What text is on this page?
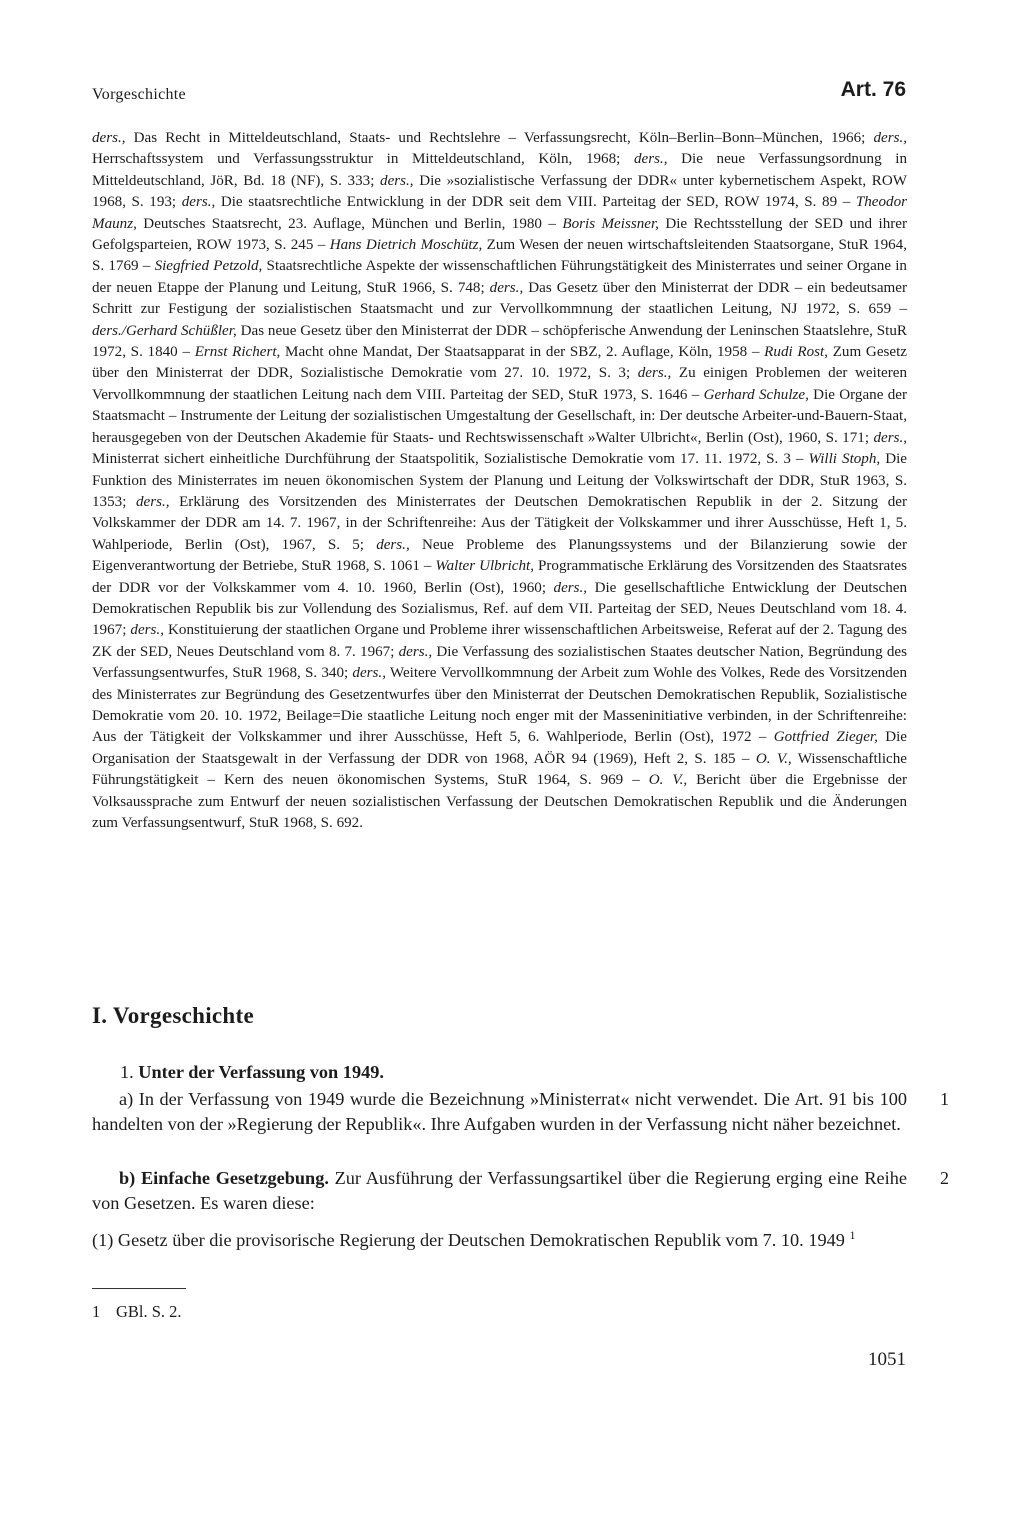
Vorgeschichte	Art. 76
ders., Das Recht in Mitteldeutschland, Staats- und Rechtslehre – Verfassungsrecht, Köln–Berlin–Bonn–München, 1966; ders., Herrschaftssystem und Verfassungsstruktur in Mitteldeutschland, Köln, 1968; ders., Die neue Verfassungsordnung in Mitteldeutschland, JöR, Bd. 18 (NF), S. 333; ders., Die »sozialistische Verfassung der DDR« unter kybernetischem Aspekt, ROW 1968, S. 193; ders., Die staatsrechtliche Entwicklung in der DDR seit dem VIII. Parteitag der SED, ROW 1974, S. 89 – Theodor Maunz, Deutsches Staatsrecht, 23. Auflage, München und Berlin, 1980 – Boris Meissner, Die Rechtsstellung der SED und ihrer Gefolgsparteien, ROW 1973, S. 245 – Hans Dietrich Moschütz, Zum Wesen der neuen wirtschaftsleitenden Staatsorgane, StuR 1964, S. 1769 – Siegfried Petzold, Staatsrechtliche Aspekte der wissenschaftlichen Führungstätigkeit des Ministerrates und seiner Organe in der neuen Etappe der Planung und Leitung, StuR 1966, S. 748; ders., Das Gesetz über den Ministerrat der DDR – ein bedeutsamer Schritt zur Festigung der sozialistischen Staatsmacht und zur Vervollkommnung der staatlichen Leitung, NJ 1972, S. 659 – ders./Gerhard Schüßler, Das neue Gesetz über den Ministerrat der DDR – schöpferische Anwendung der Leninschen Staatslehre, StuR 1972, S. 1840 – Ernst Richert, Macht ohne Mandat, Der Staatsapparat in der SBZ, 2. Auflage, Köln, 1958 – Rudi Rost, Zum Gesetz über den Ministerrat der DDR, Sozialistische Demokratie vom 27. 10. 1972, S. 3; ders., Zu einigen Problemen der weiteren Vervollkommnung der staatlichen Leitung nach dem VIII. Parteitag der SED, StuR 1973, S. 1646 – Gerhard Schulze, Die Organe der Staatsmacht – Instrumente der Leitung der sozialistischen Umgestaltung der Gesellschaft, in: Der deutsche Arbeiter-und-Bauern-Staat, herausgegeben von der Deutschen Akademie für Staats- und Rechtswissenschaft »Walter Ulbricht«, Berlin (Ost), 1960, S. 171; ders., Ministerrat sichert einheitliche Durchführung der Staatspolitik, Sozialistische Demokratie vom 17. 11. 1972, S. 3 – Willi Stoph, Die Funktion des Ministerrates im neuen ökonomischen System der Planung und Leitung der Volkswirtschaft der DDR, StuR 1963, S. 1353; ders., Erklärung des Vorsitzenden des Ministerrates der Deutschen Demokratischen Republik in der 2. Sitzung der Volkskammer der DDR am 14. 7. 1967, in der Schriftenreihe: Aus der Tätigkeit der Volkskammer und ihrer Ausschüsse, Heft 1, 5. Wahlperiode, Berlin (Ost), 1967, S. 5; ders., Neue Probleme des Planungssystems und der Bilanzierung sowie der Eigenverantwortung der Betriebe, StuR 1968, S. 1061 – Walter Ulbricht, Programmatische Erklärung des Vorsitzenden des Staatsrates der DDR vor der Volkskammer vom 4. 10. 1960, Berlin (Ost), 1960; ders., Die gesellschaftliche Entwicklung der Deutschen Demokratischen Republik bis zur Vollendung des Sozialismus, Ref. auf dem VII. Parteitag der SED, Neues Deutschland vom 18. 4. 1967; ders., Konstituierung der staatlichen Organe und Probleme ihrer wissenschaftlichen Arbeitsweise, Referat auf der 2. Tagung des ZK der SED, Neues Deutschland vom 8. 7. 1967; ders., Die Verfassung des sozialistischen Staates deutscher Nation, Begründung des Verfassungsentwurfes, StuR 1968, S. 340; ders., Weitere Vervollkommnung der Arbeit zum Wohle des Volkes, Rede des Vorsitzenden des Ministerrates zur Begründung des Gesetzentwurfes über den Ministerrat der Deutschen Demokratischen Republik, Sozialistische Demokratie vom 20. 10. 1972, Beilage=Die staatliche Leitung noch enger mit der Masseninitiative verbinden, in der Schriftenreihe: Aus der Tätigkeit der Volkskammer und ihrer Ausschüsse, Heft 5, 6. Wahlperiode, Berlin (Ost), 1972 – Gottfried Zieger, Die Organisation der Staatsgewalt in der Verfassung der DDR von 1968, AÖR 94 (1969), Heft 2, S. 185 – O. V., Wissenschaftliche Führungstätigkeit – Kern des neuen ökonomischen Systems, StuR 1964, S. 969 – O. V., Bericht über die Ergebnisse der Volksaussprache zum Entwurf der neuen sozialistischen Verfassung der Deutschen Demokratischen Republik und die Änderungen zum Verfassungsentwurf, StuR 1968, S. 692.
I. Vorgeschichte
1. Unter der Verfassung von 1949.
a) In der Verfassung von 1949 wurde die Bezeichnung »Ministerrat« nicht verwendet. Die Art. 91 bis 100 handelten von der »Regierung der Republik«. Ihre Aufgaben wurden in der Verfassung nicht näher bezeichnet.
1
b) Einfache Gesetzgebung. Zur Ausführung der Verfassungsartikel über die Regierung erging eine Reihe von Gesetzen. Es waren diese:
2
(1) Gesetz über die provisorische Regierung der Deutschen Demokratischen Republik vom 7. 10. 1949 $^1$
1 GBl. S. 2.
1051
